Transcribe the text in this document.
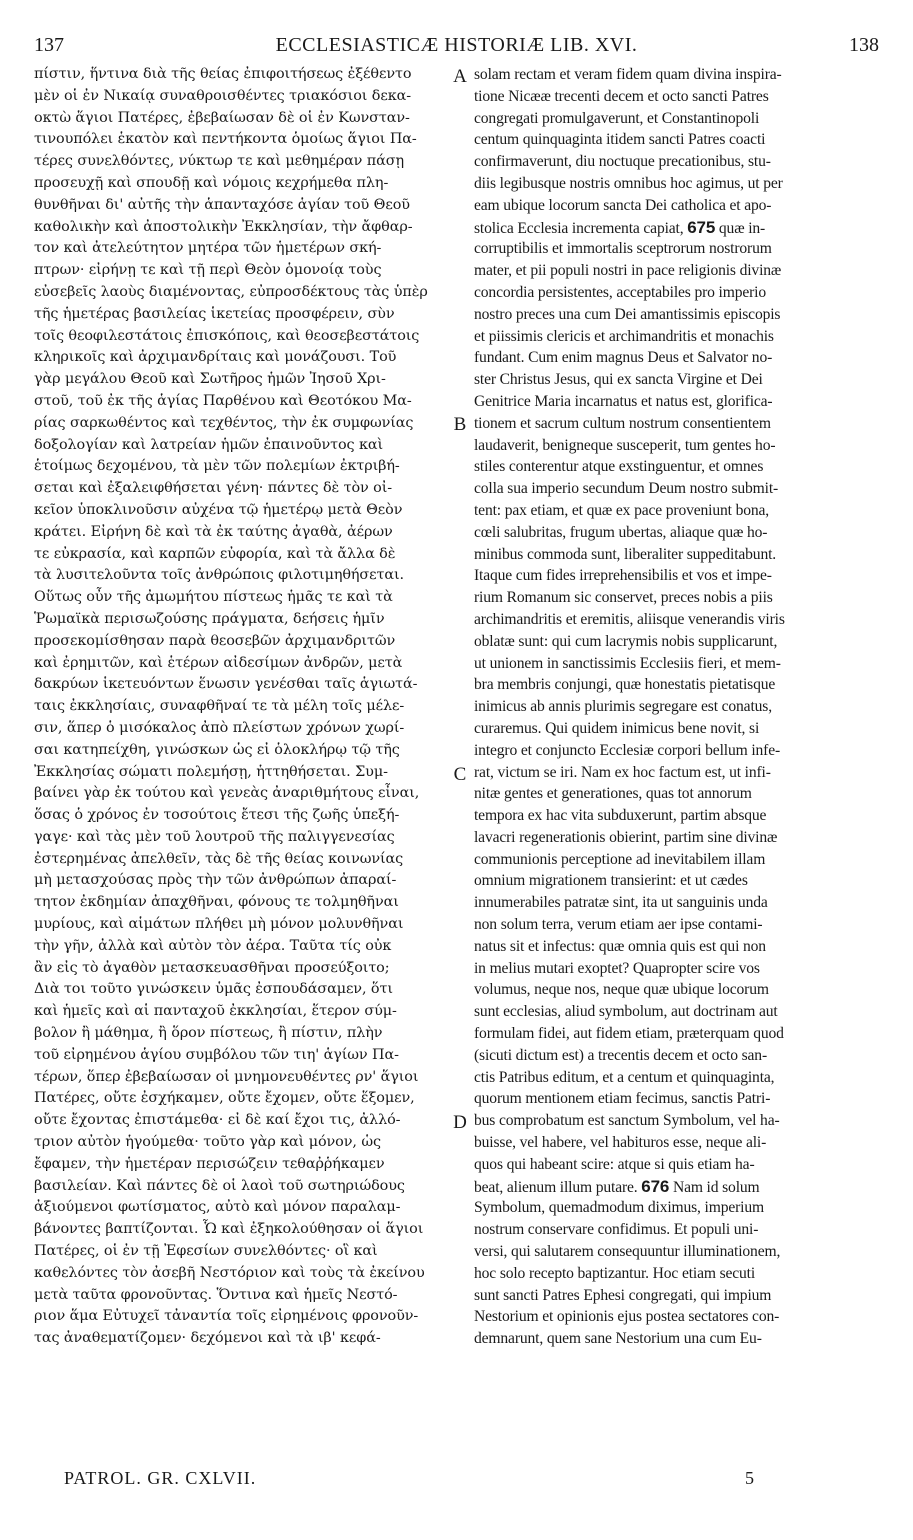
137	ECCLESIASTICÆ HISTORIÆ LIB. XVI.	138
πίστιν, ἥντινα διὰ τῆς θείας ἐπιφοιτήσεως ἐξέθεντο
μὲν οἱ ἐν Νικαίᾳ συναθροισθέντες τριακόσιοι δεκα-
οκτὼ ἅγιοι Πατέρες, ἐβεβαίωσαν δὲ οἱ ἐν Κωνσταν-
τινουπόλει ἑκατὸν καὶ πεντήκοντα ὁμοίως ἅγιοι Πα-
τέρες συνελθόντες, νύκτωρ τε καὶ μεθημέραν πάσῃ
προσευχῇ καὶ σπουδῇ καὶ νόμοις κεχρήμεθα πλη-
θυνθῆναι δι' αὐτῆς τὴν ἁπανταχόσε ἁγίαν τοῦ Θεοῦ
καθολικὴν καὶ ἀποστολικὴν Ἐκκλησίαν, τὴν ἄφθαρ-
τον καὶ ἀτελεύτητον μητέρα τῶν ἡμετέρων σκή-
πτρων· εἰρήνῃ τε καὶ τῇ περὶ Θεὸν ὁμονοίᾳ τοὺς
εὐσεβεῖς λαοὺς διαμένοντας, εὐπροσδέκτους τὰς ὑπὲρ
τῆς ἡμετέρας βασιλείας ἱκετείας προσφέρειν, σὺν
τοῖς θεοφιλεστάτοις ἐπισκόποις, καὶ θεοσεβεστάτοις
κληρικοῖς καὶ ἀρχιμανδρίταις καὶ μονάζουσι. Τοῦ
γὰρ μεγάλου Θεοῦ καὶ Σωτῆρος ἡμῶν Ἰησοῦ Χρι-
στοῦ, τοῦ ἐκ τῆς ἁγίας Παρθένου καὶ Θεοτόκου Μα-
ρίας σαρκωθέντος καὶ τεχθέντος, τὴν ἐκ συμφωνίας
δοξολογίαν καὶ λατρείαν ἡμῶν ἐπαινοῦντος καὶ
ἑτοίμως δεχομένου, τὰ μὲν τῶν πολεμίων ἐκτριβή-
σεται καὶ ἐξαλειφθήσεται γένη· πάντες δὲ τὸν οἰ-
κεῖον ὑποκλινοῦσιν αὐχένα τῷ ἡμετέρῳ μετὰ Θεὸν
κράτει. Εἰρήνη δὲ καὶ τὰ ἐκ ταύτης ἀγαθὰ, ἀέρων
τε εὐκρασία, καὶ καρπῶν εὐφορία, καὶ τὰ ἄλλα δὲ
τὰ λυσιτελοῦντα τοῖς ἀνθρώποις φιλοτιμηθήσεται.
Οὕτως οὖν τῆς ἀμωμήτου πίστεως ἡμᾶς τε καὶ τὰ
Ῥωμαϊκὰ περισωζούσης πράγματα, δεήσεις ἡμῖν
προσεκομίσθησαν παρὰ θεοσεβῶν ἀρχιμανδριτῶν
καὶ ἐρημιτῶν, καὶ ἑτέρων αἰδεσίμων ἀνδρῶν, μετὰ
δακρύων ἱκετευόντων ἕνωσιν γενέσθαι ταῖς ἁγιωτά-
ταις ἐκκλησίαις, συναφθῆναί τε τὰ μέλη τοῖς μέλε-
σιν, ἅπερ ὁ μισόκαλος ἀπὸ πλείστων χρόνων χωρί-
σαι κατηπείχθη, γινώσκων ὡς εἰ ὁλοκλήρῳ τῷ τῆς
Ἐκκλησίας σώματι πολεμήσῃ, ἡττηθήσεται. Συμ-
βαίνει γὰρ ἐκ τούτου καὶ γενεὰς ἀναριθμήτους εἶναι,
ὅσας ὁ χρόνος ἐν τοσούτοις ἔτεσι τῆς ζωῆς ὑπεξή-
γαγε· καὶ τὰς μὲν τοῦ λουτροῦ τῆς παλιγγενεσίας
ἐστερημένας ἀπελθεῖν, τὰς δὲ τῆς θείας κοινωνίας
μὴ μετασχούσας πρὸς τὴν τῶν ἀνθρώπων ἀπαραί-
τητον ἐκδημίαν ἀπαχθῆναι, φόνους τε τολμηθῆναι
μυρίους, καὶ αἱμάτων πλήθει μὴ μόνον μολυνθῆναι
τὴν γῆν, ἀλλὰ καὶ αὐτὸν τὸν ἀέρα. Ταῦτα τίς οὐκ
ἂν εἰς τὸ ἀγαθὸν μετασκευασθῆναι προσεύξοιτο;
Διὰ τοι τοῦτο γινώσκειν ὑμᾶς ἐσπουδάσαμεν, ὅτι
καὶ ἡμεῖς καὶ αἱ πανταχοῦ ἐκκλησίαι, ἕτερον σύμ-
βολον ἢ μάθημα, ἢ ὅρον πίστεως, ἢ πίστιν, πλὴν
τοῦ εἰρημένου ἁγίου συμβόλου τῶν τιη' ἁγίων Πα-
τέρων, ὅπερ ἐβεβαίωσαν οἱ μνημονευθέντες ρν' ἅγιοι
Πατέρες, οὔτε ἐσχήκαμεν, οὔτε ἔχομεν, οὔτε ἕξομεν,
οὔτε ἔχοντας ἐπιστάμεθα· εἰ δὲ καί ἔχοι τις, ἀλλό-
τριον αὐτὸν ἡγούμεθα· τοῦτο γὰρ καὶ μόνον, ὡς
ἔφαμεν, τὴν ἡμετέραν περισώζειν τεθαῤῥήκαμεν
βασιλείαν. Καὶ πάντες δὲ οἱ λαοὶ τοῦ σωτηριώδους
ἀξιούμενοι φωτίσματος, αὐτὸ καὶ μόνον παραλαμ-
βάνοντες βαπτίζονται. Ὧ καὶ ἐξηκολούθησαν οἱ ἅγιοι
Πατέρες, οἱ ἐν τῇ Ἐφεσίων συνελθόντες· οἳ καὶ
καθελόντες τὸν ἀσεβῆ Νεστόριον καὶ τοὺς τὰ ἐκείνου
μετὰ ταῦτα φρονοῦντας. Ὅντινα καὶ ἡμεῖς Νεστό-
ριον ἅμα Εὐτυχεῖ τἀναντία τοῖς εἰρημένοις φρονοῦν-
τας ἀναθεματίζομεν· δεχόμενοι καὶ τὰ ιβ' κεφά-
solam rectam et veram fidem quam divina inspira-
tione Nicææ trecenti decem et octo sancti Patres
congregati promulgaverunt, et Constantinopoli
centum quinquaginta itidem sancti Patres coacti
confirmaverunt, diu noctuque precationibus, stu-
diis legibusque nostris omnibus hoc agimus, ut per
eam ubique locorum sancta Dei catholica et apo-
stolica Ecclesia incrementa capiat, 675 quæ in-
corruptibilis et immortalis sceptrorum nostrorum
mater, et pii populi nostri in pace religionis divinæ
concordia persistentes, acceptabiles pro imperio
nostro preces una cum Dei amantissimis episcopis
et piissimis clericis et archimandritis et monachis
fundant. Cum enim magnus Deus et Salvator no-
ster Christus Jesus, qui ex sancta Virgine et Dei
Genitrice Maria incarnatus et natus est, glorifica-
tionem et sacrum cultum nostrum consentientem
laudaverit, benigneque susceperit, tum gentes ho-
stiles conterentur atque exstinguentur, et omnes
colla sua imperio secundum Deum nostro submit-
tent: pax etiam, et quæ ex pace proveniunt bona,
cœli salubritas, frugum ubertas, aliaque quæ ho-
minibus commoda sunt, liberaliter suppeditabunt.
Itaque cum fides irreprehensibilis et vos et impe-
rium Romanum sic conservet, preces nobis a piis
archimandritis et eremitis, aliisque venerandis viris
oblatæ sunt: qui cum lacrymis nobis supplicarunt,
ut unionem in sanctissimis Ecclesiis fieri, et mem-
bra membris conjungi, quæ honestatis pietatisque
inimicus ab annis plurimis segregare est conatus,
curaremus. Qui quidem inimicus bene novit, si
integro et conjuncto Ecclesiæ corpori bellum infe-
rat, victum se iri. Nam ex hoc factum est, ut infi-
nitæ gentes et generationes, quas tot annorum
tempora ex hac vita subduxerunt, partim absque
lavacri regenerationis obierint, partim sine divinæ
communionis perceptione ad inevitabilem illam
omnium migrationem transierint: et ut cædes
innumerabiles patratæ sint, ita ut sanguinis unda
non solum terra, verum etiam aer ipse contami-
natus sit et infectus: quæ omnia quis est qui non
in melius mutari exoptet? Quapropter scire vos
volumus, neque nos, neque quæ ubique locorum
sunt ecclesias, aliud symbolum, aut doctrinam aut
formulam fidei, aut fidem etiam, præterquam quod
(sicuti dictum est) a trecentis decem et octo san-
ctis Patribus editum, et a centum et quinquaginta,
quorum mentionem etiam fecimus, sanctis Patri-
bus comprobatum est sanctum Symbolum, vel ha-
buisse, vel habere, vel habituros esse, neque ali-
quos qui habeant scire: atque si quis etiam ha-
beat, alienum illum putare. 676 Nam id solum
Symbolum, quemadmodum diximus, imperium
nostrum conservare confidimus. Et populi uni-
versi, qui salutarem consequuntur illuminationem,
hoc solo recepto baptizantur. Hoc etiam secuti
sunt sancti Patres Ephesi congregati, qui impium
Nestorium et opinionis ejus postea sectatores con-
demnarunt, quem sane Nestorium una cum Eu-
A
B
C
D
PATROL. GR. CXLVII.	5
